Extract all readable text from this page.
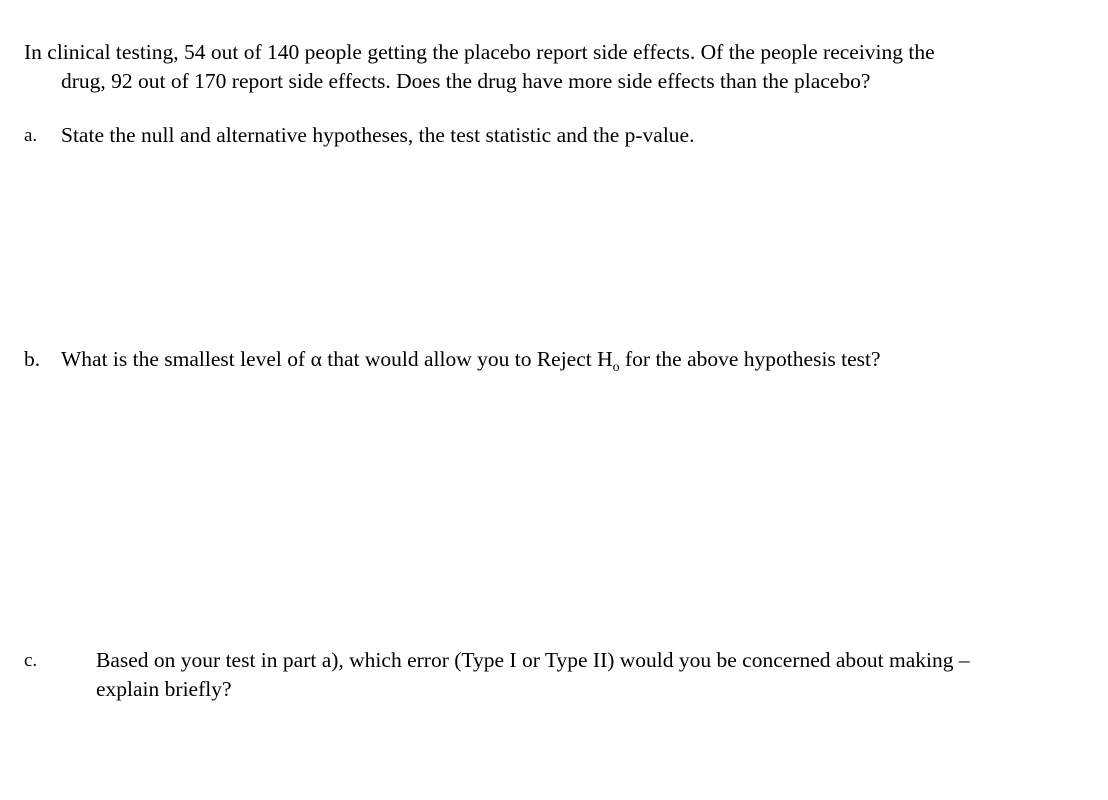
In clinical testing, 54 out of 140 people getting the placebo report side effects. Of the people receiving the
drug, 92 out of 170 report side effects. Does the drug have more side effects than the placebo?

a. State the null and alternative hypotheses, the test statistic and the p-value.
b. What is the smallest level of α that would allow you to Reject $H_o$ for the above hypothesis test?
c.	Based on your test in part a), which error (Type I or Type II) would you be concerned about making –
explain briefly?
